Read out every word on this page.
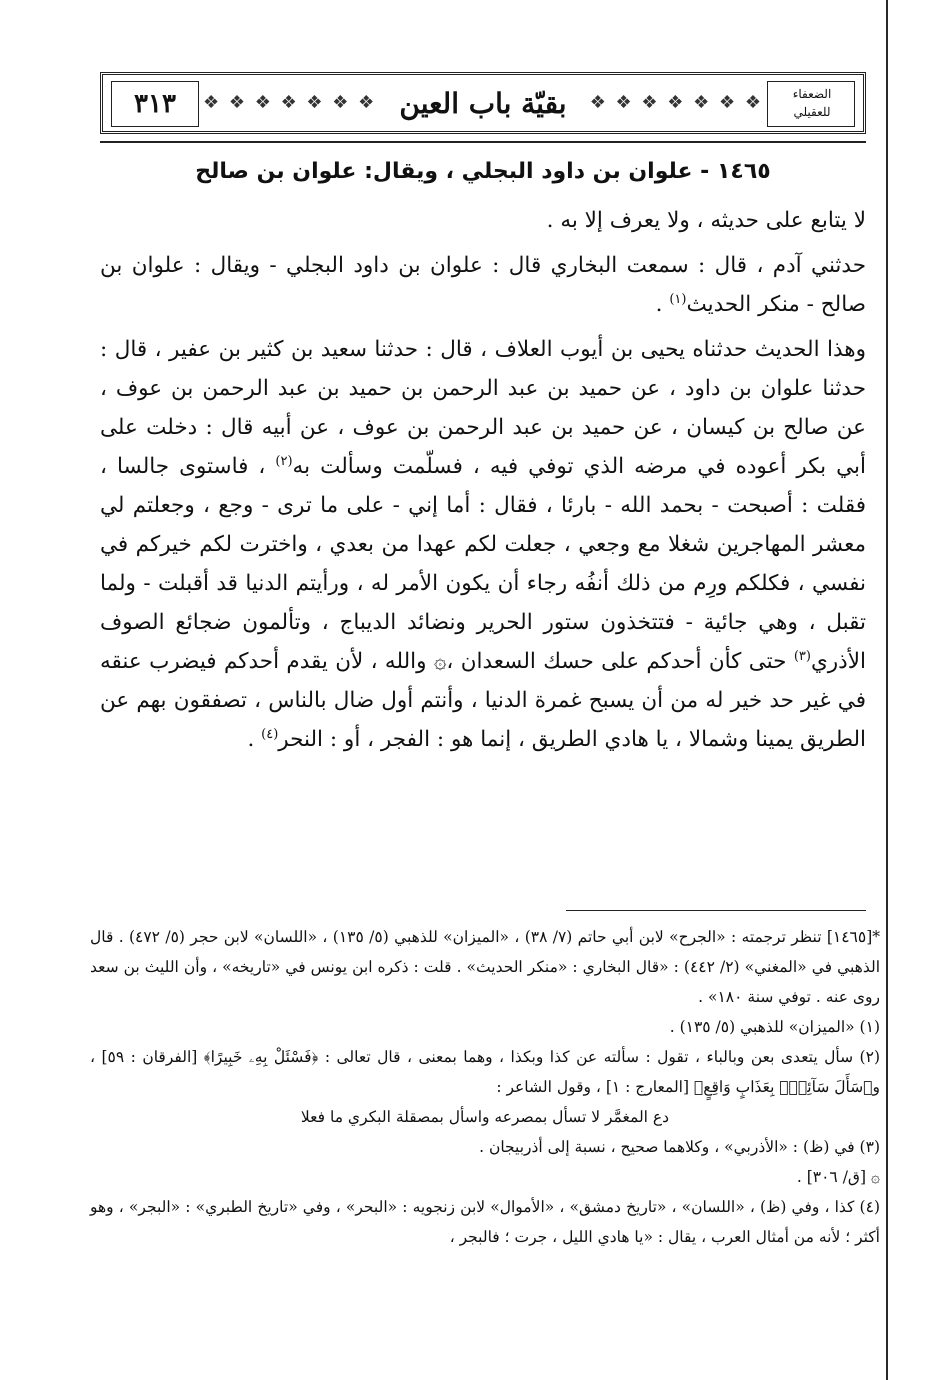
٣١٣	❖ ❖ ❖ ❖ ❖ ❖ ❖ بقيّة باب العين	❖ ❖ ❖ ❖ ❖ ❖ ❖	الضعفاء للعقيلي

١٤٦٥ - علوان بن داود البجلي ، ويقال: علوان بن صالح

لا يتابع على حديثه ، ولا يعرف إلا به .

حدثني آدم ، قال : سمعت البخاري قال : علوان بن داود البجلي - ويقال : علوان بن صالح - منكر الحديث$^{(١)}$ .

وهذا الحديث حدثناه يحيى بن أيوب العلاف ، قال : حدثنا سعيد بن كثير بن عفير ، قال : حدثنا علوان بن داود ، عن حميد بن عبد الرحمن بن حميد بن عبد الرحمن بن عوف ، عن صالح بن كيسان ، عن حميد بن عبد الرحمن بن عوف ، عن أبيه قال : دخلت على أبي بكر أعوده في مرضه الذي توفي فيه ، فسلّمت وسألت به$^{(٢)}$ ، فاستوى جالسا ، فقلت : أصبحت - بحمد الله - بارئا ، فقال : أما إني - على ما ترى - وجع ، وجعلتم لي معشر المهاجرين شغلا مع وجعي ، جعلت لكم عهدا من بعدي ، واخترت لكم خيركم في نفسي ، فكلكم ورِم من ذلك أنفُه رجاء أن يكون الأمر له ، ورأيتم الدنيا قد أقبلت - ولما تقبل ، وهي جائية - فتتخذون ستور الحرير ونضائد الديباج ، وتألمون ضجائع الصوف الأذري$^{(٣)}$ حتى كأن أحدكم على حسك السعدان ،۞ والله ، لأن يقدم أحدكم فيضرب عنقه في غير حد خير له من أن يسبح غمرة الدنيا ، وأنتم أول ضال بالناس ، تصفقون بهم عن الطريق يمينا وشمالا ، يا هادي الطريق ، إنما هو : الفجر ، أو : النحر$^{(٤)}$ .

*[١٤٦٥] تنظر ترجمته : «الجرح» لابن أبي حاتم (٧/ ٣٨) ، «الميزان» للذهبي (٥/ ١٣٥) ، «اللسان» لابن حجر (٥/ ٤٧٢) . قال الذهبي في «المغني» (٢/ ٤٤٢) : «قال البخاري : «منكر الحديث» . قلت : ذكره ابن يونس في «تاريخه» ، وأن الليث بن سعد روى عنه . توفي سنة ١٨٠» .

(١) «الميزان» للذهبي (٥/ ١٣٥) .

(٢) سأل يتعدى بعن وبالباء ، تقول : سألته عن كذا وبكذا ، وهما بمعنى ، قال تعالى : ﴿فَسْئَلْ بِهِۦ خَبِيرًا﴾ [الفرقان : ٥٩] ، و﴿سَأَلَ سَآئِلٌۢ بِعَذَابٍ وَاقِعٍ﴾ [المعارج : ١] ، وقول الشاعر :

دع المغمَّر لا تسأل بمصرعه واسأل بمصقلة البكري ما فعلا

(٣) في (ظ) : «الأذربي» ، وكلاهما صحيح ، نسبة إلى أذربيجان .

۞ [ق/ ٣٠٦] .

(٤) كذا ، وفي (ظ) ، «اللسان» ، «تاريخ دمشق» ، «الأموال» لابن زنجويه : «البحر» ، وفي «تاريخ الطبري» : «البجر» ، وهو أكثر ؛ لأنه من أمثال العرب ، يقال : «يا هادي الليل ، جرت ؛ فالبجر ،
